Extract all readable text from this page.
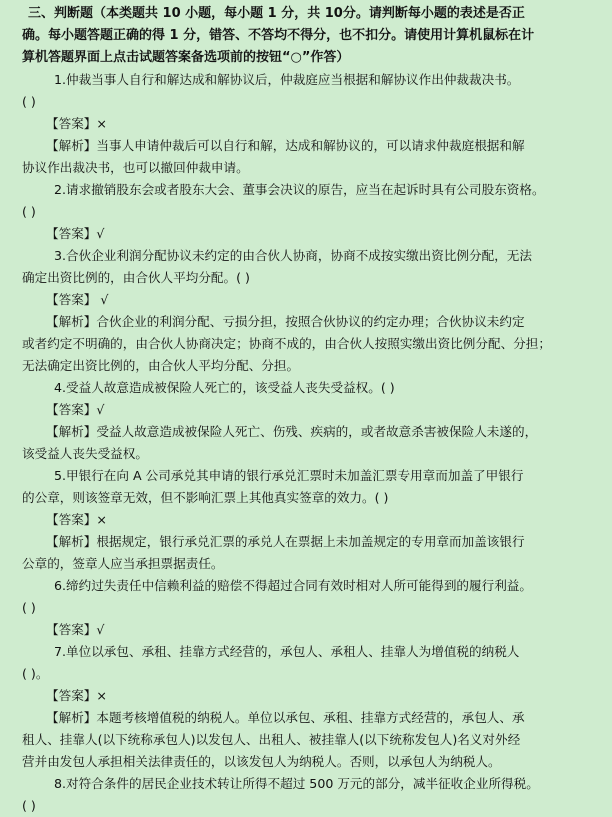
三、判断题（本类题共 10 小题，每小题 1 分，共 10分。请判断每小题的表述是否正
确。每小题答题正确的得 1 分，错答、不答均不得分，也不扣分。请使用计算机鼠标在计
算机答题界面上点击试题答案备选项前的按钮“○”作答）
1.仲裁当事人自行和解达成和解协议后，仲裁庭应当根据和解协议作出仲裁裁决书。
( )
【答案】×
【解析】当事人申请仲裁后可以自行和解，达成和解协议的，可以请求仲裁庭根据和解
协议作出裁决书，也可以撤回仲裁申请。
2.请求撤销股东会或者股东大会、董事会决议的原告，应当在起诉时具有公司股东资格。
( )
【答案】√
3.合伙企业利润分配协议未约定的由合伙人协商，协商不成按实缴出资比例分配，无法
确定出资比例的，由合伙人平均分配。( )
【答案】 √
【解析】合伙企业的利润分配、亏损分担，按照合伙协议的约定办理；合伙协议未约定
或者约定不明确的，由合伙人协商决定；协商不成的，由合伙人按照实缴出资比例分配、分担；
无法确定出资比例的，由合伙人平均分配、分担。
4.受益人故意造成被保险人死亡的，该受益人丧失受益权。( )
【答案】√
【解析】受益人故意造成被保险人死亡、伤残、疾病的，或者故意杀害被保险人未遂的，
该受益人丧失受益权。
5.甲银行在向 A 公司承兑其申请的银行承兑汇票时未加盖汇票专用章而加盖了甲银行
的公章，则该签章无效，但不影响汇票上其他真实签章的效力。( )
【答案】×
【解析】根据规定，银行承兑汇票的承兑人在票据上未加盖规定的专用章而加盖该银行
公章的，签章人应当承担票据责任。
6.缔约过失责任中信赖利益的赔偿不得超过合同有效时相对人所可能得到的履行利益。
( )
【答案】√
7.单位以承包、承租、挂靠方式经营的，承包人、承租人、挂靠人为增值税的纳税人
( )。
【答案】×
【解析】本题考核增值税的纳税人。单位以承包、承租、挂靠方式经营的，承包人、承
租人、挂靠人(以下统称承包人)以发包人、出租人、被挂靠人(以下统称发包人)名义对外经
营并由发包人承担相关法律责任的，以该发包人为纳税人。否则，以承包人为纳税人。
8.对符合条件的居民企业技术转让所得不超过 500 万元的部分，减半征收企业所得税。
( )
